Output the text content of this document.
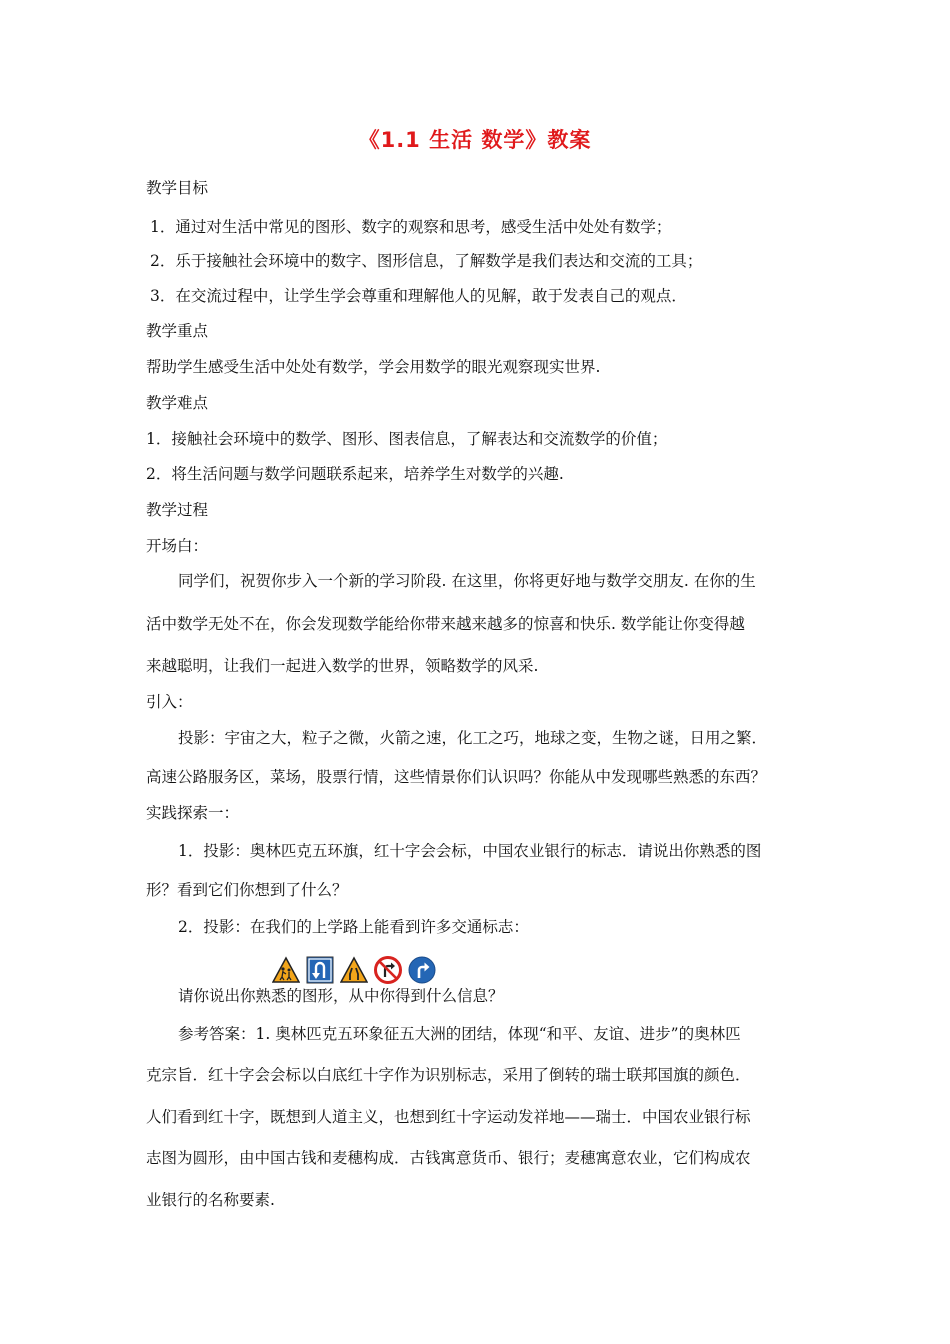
《1.1 生活 数学》教案
教学目标
1．通过对生活中常见的图形、数字的观察和思考，感受生活中处处有数学；
2．乐于接触社会环境中的数字、图形信息，了解数学是我们表达和交流的工具；
3．在交流过程中，让学生学会尊重和理解他人的见解，敢于发表自己的观点．
教学重点
帮助学生感受生活中处处有数学，学会用数学的眼光观察现实世界.
教学难点
1．接触社会环境中的数学、图形、图表信息，了解表达和交流数学的价值；
2．将生活问题与数学问题联系起来，培养学生对数学的兴趣.
教学过程
开场白：
同学们，祝贺你步入一个新的学习阶段. 在这里，你将更好地与数学交朋友. 在你的生
活中数学无处不在，你会发现数学能给你带来越来越多的惊喜和快乐. 数学能让你变得越
来越聪明，让我们一起进入数学的世界，领略数学的风采.
引入：
投影：宇宙之大，粒子之微，火箭之速，化工之巧，地球之变，生物之谜，日用之繁．
高速公路服务区，菜场，股票行情，这些情景你们认识吗？你能从中发现哪些熟悉的东西？
实践探索一：
1．投影：奥林匹克五环旗，红十字会会标，中国农业银行的标志．请说出你熟悉的图
形？看到它们你想到了什么？
2．投影：在我们的上学路上能看到许多交通标志：
请你说出你熟悉的图形，从中你得到什么信息？
参考答案：1. 奥林匹克五环象征五大洲的团结，体现“和平、友谊、进步”的奥林匹
克宗旨．红十字会会标以白底红十字作为识别标志，采用了倒转的瑞士联邦国旗的颜色．
人们看到红十字，既想到人道主义，也想到红十字运动发祥地——瑞士．中国农业银行标
志图为圆形，由中国古钱和麦穗构成．古钱寓意货币、银行；麦穗寓意农业，它们构成农
业银行的名称要素.
